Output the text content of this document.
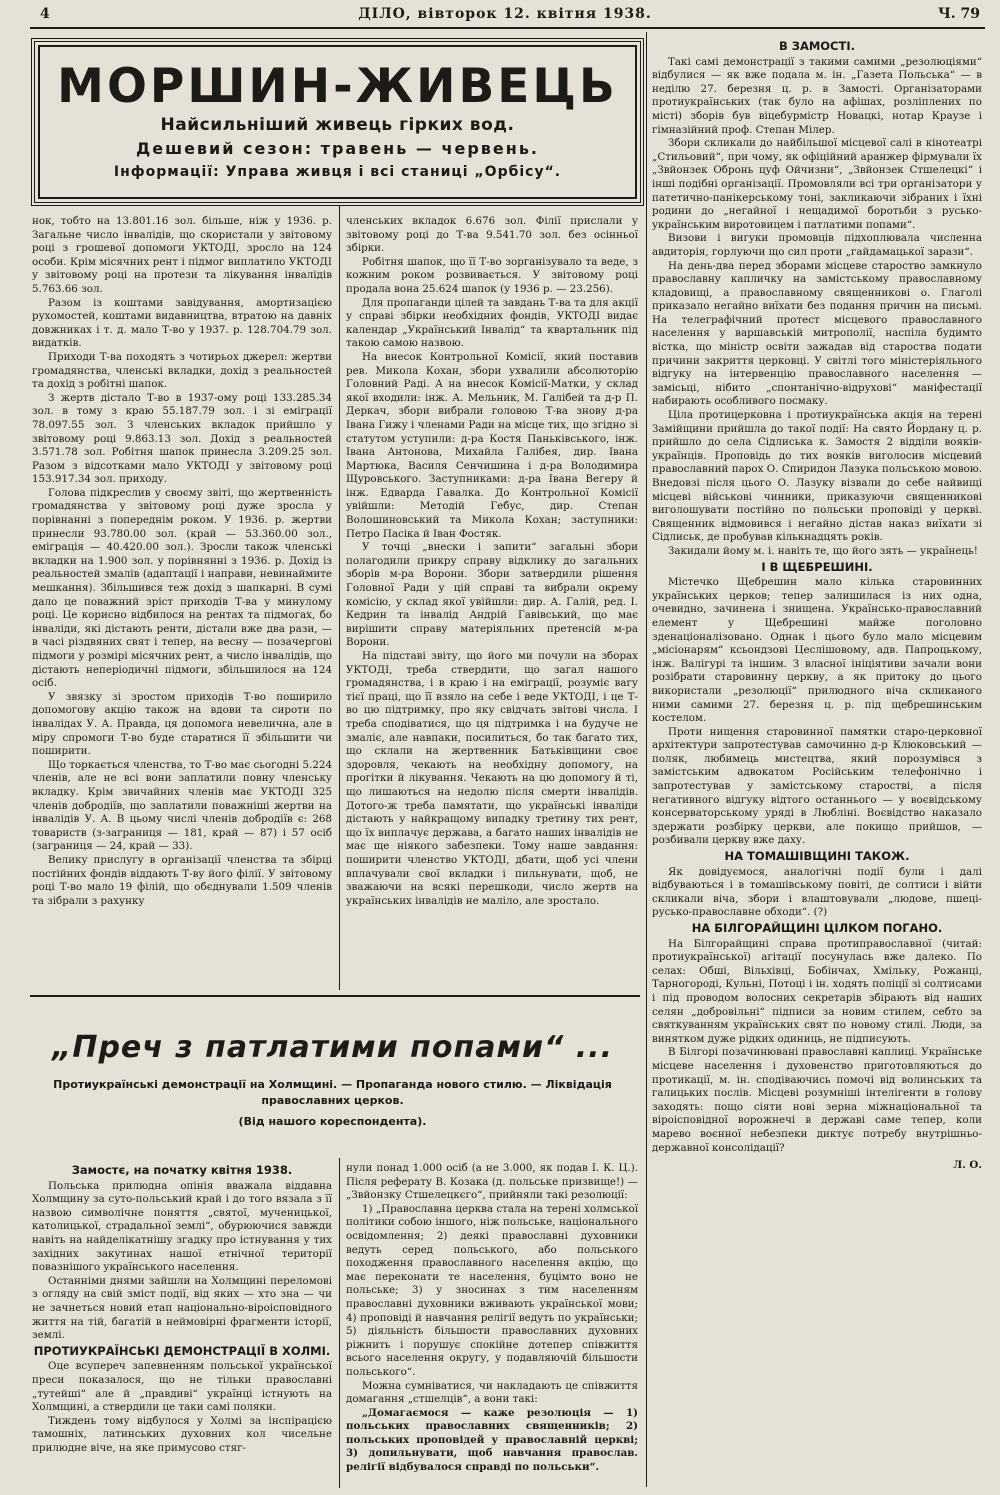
4	ДІЛО, вівторок 12. квітня 1938.	Ч. 79
МОРШИН-ЖИВЕЦЬ
Найсильніший живець гірких вод.
Дешевий сезон: травень — червень.
Інформації: Управа живця і всі станиці „Орбісу“.

нок, тобто на 13.801.16 зол. більше, ніж у 1936. р. Загальне число інвалідів, що скористали у звітовому році з грошевої допомоги УКТОДІ, зросло на 124 особи. Крім місячних рент і підмог виплатило УКТОДІ у звітовому році на протези та лікування інвалідів 5.763.66 зол.

Разом із коштами завідування, амортизацією рухомостей, коштами видавництва, втратою на давніх довжниках і т. д. мало Т-во у 1937. р. 128.704.79 зол. видатків.

Приходи Т-ва походять з чотирьох джерел: жертви громадянства, членські вкладки, дохід з реальностей та дохід з робітні шапок.

З жертв дістало Т-во в 1937-ому році 133.285.34 зол. в тому з краю 55.187.79 зол. і зі еміграції 78.097.55 зол. З членських вкладок прийшло у звітовому році 9.863.13 зол. Дохід з реальностей 3.571.78 зол. Робітня шапок принесла 3.209.25 зол. Разом з відсотками мало УКТОДІ у звітовому році 153.917.34 зол. приходу.

Голова підкреслив у своєму звіті, що жертвенність громадянства у звітовому році дуже зросла у порівнанні з попереднім роком. У 1936. р. жертви принесли 93.780.00 зол. (край — 53.360.00 зол., еміграція — 40.420.00 зол.). Зросли також членські вкладки на 1.900 зол. у порівнянні з 1936. р. Дохід із реальностей змалів (адаптації і направи, невинаймите мешкання). Збільшився теж дохід з шапкарні. В сумі дало це поважний зріст приходів Т-ва у минулому році. Це корисно відбилося на рентах та підмогах, бо інваліди, які дістають ренти, дістали вже два рази, — в часі різдвяних свят і тепер, на весну — позачергові підмоги у розмірі місячних рент, а число інвалідів, що дістають неперіодичні підмоги, збільшилося на 124 осіб.

У звязку зі зростом приходів Т-во поширило допомогову акцію також на вдови та сироти по інвалідах У. А. Правда, ця допомога невелична, але в міру спромоги Т-во буде старатися її збільшити чи поширити.

Що торкається членства, то Т-во має сьогодні 5.224 членів, але не всі вони заплатили повну членську вкладку. Крім звичайних членів має УКТОДІ 325 членів добродіїв, що заплатили поважніші жертви на інвалідів У. А. В цьому числі членів добродіїв є: 268 товариств (з-заграниця — 181, край — 87) і 57 осіб (заграниця — 24, край — 33).

Велику прислугу в організації членства та збірці постійних фондів віддають Т-ву його філії. У звітовому році Т-во мало 19 філій, що обєднували 1.509 членів та зібрали з рахунку

членських вкладок 6.676 зол. Філії прислали у звітовому році до Т-ва 9.541.70 зол. без осінньої збірки.

Робітня шапок, що її Т-во зорганізувало та веде, з кожним роком розвивається. У звітовому році продала вона 25.624 шапок (у 1936 р. — 23.256).

Для пропаганди цілей та завдань Т-ва та для акції у справі збірки необхідних фондів, УКТОДІ видає календар „Український Інвалід“ та квартальник під такою самою назвою.

На внесок Контрольної Комісії, який поставив рев. Микола Кохан, збори ухвалили абсолюторію Головний Раді. А на внесок Комісії-Матки, у склад якої входили: інж. А. Мельник, М. Галібей та д-р П. Деркач, збори вибрали головою Т-ва знову д-ра Івана Гижу і членами Ради на місце тих, що згідно зі статутом уступили: д-ра Костя Паньківського, інж. Івана Антонова, Михайла Галібея, дир. Івана Мартюка, Василя Сенчишина і д-ра Володимира Щуровського. Заступниками: д-ра Івана Вегеру й інж. Едварда Гавалка. До Контрольної Комісії увійшли: Методій Гебус, дир. Степан Волошиновський та Микола Кохан; заступники: Петро Пасіка й Іван Фостяк.

У точці „внески і запити“ загальні збори полагодили прикру справу відклику до загальних зборів м-ра Ворони. Збори затвердили рішення Головної Ради у цій справі та вибрали окрему комісію, у склад якої увійшли: дир. А. Галій, ред. І. Кедрин та інвалід Андрій Гавівський, що має вирішити справу матеріяльних претенсій м-ра Ворони.

На підставі звіту, що його ми почули на зборах УКТОДІ, треба ствердити, що загал нашого громадянства, і в краю і на еміграції, розуміє вагу тієї праці, що її взяло на себе і веде УКТОДІ, і це Т-во цю підтримку, про яку свідчать звітові числа. І треба сподіватися, що ця підтримка і на будуче не змаліє, але навпаки, посилиться, бо так багато тих, що склали на жертвенник Батьківщини своє здоровля, чекають на необхідну допомогу, на прогітки й лікування. Чекають на цю допомогу й ті, що лишаються на недолю після смерти інвалідів. Дотого-ж треба памятати, що українські інваліди дістають у найкращому випадку третину тих рент, що їх виплачує держава, а багато наших інвалідів не має ще ніякого забезпеки. Тому наше завдання: поширити членство УКТОДІ, дбати, щоб усі члени вплачували свої вкладки і пильнувати, щоб, не зважаючи на всякі перешкоди, число жертв на українських інвалідів не маліло, але зростало.

В ЗАМОСТІ.

Такі самі демонстрації з такими самими „резолюціями“ відбулися — як вже подала м. ін. „Газета Польська“ — в неділю 27. березня ц. р. в Замості. Організаторами протиукраїнських (так було на афішах, розліплених по місті) зборів був віцебурмістр Новацкі, нотар Краузе і гімназійний проф. Степан Мілер.

Збори скликали до найбільшої місцевої салі в кінотеатрі „Стильовий“, при чому, як офіційний аранжер фірмували їх „Звйонзек Обронь цуф Ойчизни“, „Звйонзек Стшелецкі“ і інші подібні організації. Промовляли всі три організатори у патетично-панікерському тоні, закликаючи зібраних і їхні родини до „негайної і нещадимої боротьби з русько-українським виротовицем і патлатими попами“.

Визови і вигуки промовців підхоплювала численна авдиторія, горлуючи що сил проти „гайдамацької зарази“.

На день-два перед зборами місцеве староство замкнуло православну капличку на замістському православному кладовищі, а православному священникові о. Глаголі приказало негайно виїхати без подання причин на письмі. На телеграфічний протест місцевого православного населення у варшавській митрополії, наспіла будимто вістка, що міністр освіти зажадав від староства подати причини закриття церковці. У світлі того міністеріяльного відгуку на інтервенцію православного населення — замісьці, нібито „спонтанічно-відрухові“ маніфестації набирають особливого посмаку.

Ціла протицерковна і протиукраїнська акція на терені Замійщини прийшла до такої події: На свято Йордану ц. р. прийшло до села Сідлиська к. Замостя 2 відділи вояків-українців. Проповідь до тих вояків виголосив місцевий православний парох О. Спиридон Лазука польською мовою. Внедовзі після цього О. Лазуку візвали до себе найвищі місцеві військові чинники, приказуючи священникові виголошувати постійно по польськи проповіді у церкві. Священник відмовився і негайно дістав наказ виїхати зі Сідлиськ, де пробував кількнадцять років.

Закидали йому м. і. навіть те, що його зять — українець!

І В ЩЕБРЕШИНІ.

Містечко Щебрешин мало кілька старовинних українських церков; тепер залишилася із них одна, очевидно, зачинена і знищена. Українсько-православний елемент у Щебрешині майже поголовно зденаціоналізовано. Однак і цього було мало місцевим „місіонарям“ ксьондзові Цеслішовому, адв. Папроцькому, інж. Валігурі та іншим. З власної ініціятиви зачали вони розібрати старовинну церкву, а як притоку до цього використали „резолюції“ прилюдного віча скликаного ними самими 27. березня ц. р. під щебрешинським костелом.

Проти нищення старовинної памятки старо-церковної архітектури запротестував самочинно д-р Клюковський — поляк, любимець мистецтва, який порозумівся з замістським адвокатом Російським телефонічно і запротестував у замістському старостві, а після негативного відгуку відтого останнього — у воєвідському консерваторському уряді в Любліні. Воєвідство наказало здержати розбірку церкви, але покищо прийшов, — розбивали церкву вже даху.

НА ТОМАШІВЩИНІ ТАКОЖ.

Як довідуємося, аналогічні події були і далі відбуваються і в томашівському повіті, де солтиси і війти скликали віча, збори і влаштовували „людове, пшеці-русько-православне обходи“. (?)

НА БІЛГОРАЙЩИНІ ЦІЛКОМ ПОГАНО.

На Білгорайщині справа протиправославної (читай: протиукраїнської) агітації посунулась вже далеко. По селах: Обші, Вільхівці, Бобінчах, Хмільку, Рожанці, Тарногороді, Кульні, Потоці і ін. ходять поліції зі солтисами і під проводом волосних секретарів збірають від наших селян „добровільні“ підписи за новим стилем, себто за святкуванням українських свят по новому стилі. Люди, за винятком дуже рідких одиниць, не підписують.

В Білгорі позачинювані православні каплиці. Українське місцеве населення і духовенство приготовляються до протикації, м. ін. сподіваючись помочі від волинських та галицьких послів. Місцеві розумніші інтелігенти в голову заходять: пощо сіяти нові зерна міжнаціональної та віроісповідної ворожнечі в державі саме тепер, коли марево воєнної небезпеки диктує потребу внутрішньо-державної консолідації?

Л. О.
„Преч з патлатими попами“ ...
Протиукраїнські демонстрації на Холмщині. — Пропаганда нового стилю. — Ліквідація православних церков.
(Від нашого кореспондента).
Замостє, на початку квітня 1938.

Польська прилюдна опінія вважала віддавна Холмщину за суто-польський край і до того вязала з її назвою символічне поняття „святої, мученицької, католицької, страдальної землі“, обурюючися завжди навіть на найделікатнішу згадку про істнування у тих західних закутинах нашої етнічної території повазнішого українського населення.

Останніми днями зайшли на Холмщині переломові з огляду на свій зміст події, від яких — хто зна — чи не зачнеться новий етап національно-віроісповідного життя на тій, багатій в неймовірні фрагменти історії, землі.

ПРОТИУКРАЇНСЬКІ ДЕМОНСТРАЦІЇ В ХОЛМІ.

Оце всупереч запевненням польської української преси показалося, що не тільки православні „тутейші“ але й „правдиві“ українці істнують на Холмщині, а ствердили це таки самі поляки.

Тиждень тому відбулося у Холмі за інспірацією тамошніх, латинських духовних кол чисельне прилюдне віче, на яке примусово стяг-

нули понад 1.000 осіб (а не 3.000, як подав І. К. Ц.). Після реферату В. Козака (д. польське призвище!) — „Звйонзку Стшелецкєго“, прийняли такі резолюції:

1) „Православна церква стала на терені холмської політики собою іншого, ніж польське, національного освідомлення; 2) деякі православні духовники ведуть серед польського, або польського походження православного населення акцію, що має переконати те населення, буцімто воно не польське; 3) у зносинах з тим населенням православні духовники вживають української мови; 4) проповіді й навчання релігії ведуть по українськи; 5) діяльність більшости православних духовних ріжнить і порушує спокійне дотепер співжиття всього населення округу, у подавляючій більшости польського“.

Можна сумніватися, чи накладають це співжиття домагання „стшелців“, а вони такі:

„Домагаємося — каже резолюція — 1) польських православних священників; 2) польських проповідей у православній церкві; 3) допильнувати, щоб навчання православ. релігії відбувалося справді по польськи“.
